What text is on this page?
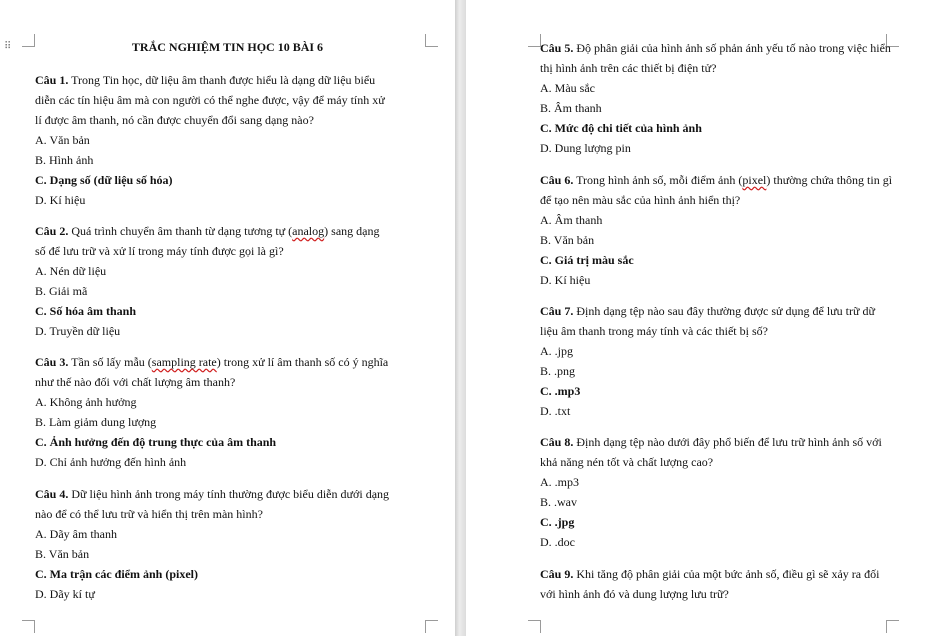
⠿	TRẮC NGHIỆM TIN HỌC 10 BÀI 6
Câu 1. Trong Tin học, dữ liệu âm thanh được hiểu là dạng dữ liệu biểu
diễn các tín hiệu âm mà con người có thể nghe được, vậy để máy tính xử
lí được âm thanh, nó cần được chuyển đổi sang dạng nào?
A. Văn bản
B. Hình ảnh
C. Dạng số (dữ liệu số hóa)
D. Kí hiệu
Câu 2. Quá trình chuyển âm thanh từ dạng tương tự (analog) sang dạng
số để lưu trữ và xử lí trong máy tính được gọi là gì?
A. Nén dữ liệu
B. Giải mã
C. Số hóa âm thanh
D. Truyền dữ liệu
Câu 3. Tần số lấy mẫu (sampling rate) trong xử lí âm thanh số có ý nghĩa
như thế nào đối với chất lượng âm thanh?
A. Không ảnh hưởng
B. Làm giảm dung lượng
C. Ảnh hưởng đến độ trung thực của âm thanh
D. Chỉ ảnh hưởng đến hình ảnh
Câu 4. Dữ liệu hình ảnh trong máy tính thường được biểu diễn dưới dạng
nào để có thể lưu trữ và hiển thị trên màn hình?
A. Dãy âm thanh
B. Văn bản
C. Ma trận các điểm ảnh (pixel)
D. Dãy kí tự
Câu 5. Độ phân giải của hình ảnh số phản ánh yếu tố nào trong việc hiển
thị hình ảnh trên các thiết bị điện tử?
A. Màu sắc
B. Âm thanh
C. Mức độ chi tiết của hình ảnh
D. Dung lượng pin
Câu 6. Trong hình ảnh số, mỗi điểm ảnh (pixel) thường chứa thông tin gì
để tạo nên màu sắc của hình ảnh hiển thị?
A. Âm thanh
B. Văn bản
C. Giá trị màu sắc
D. Kí hiệu
Câu 7. Định dạng tệp nào sau đây thường được sử dụng để lưu trữ dữ
liệu âm thanh trong máy tính và các thiết bị số?
A. .jpg
B. .png
C. .mp3
D. .txt
Câu 8. Định dạng tệp nào dưới đây phổ biến để lưu trữ hình ảnh số với
khả năng nén tốt và chất lượng cao?
A. .mp3
B. .wav
C. .jpg
D. .doc
Câu 9. Khi tăng độ phân giải của một bức ảnh số, điều gì sẽ xảy ra đối
với hình ảnh đó và dung lượng lưu trữ?
